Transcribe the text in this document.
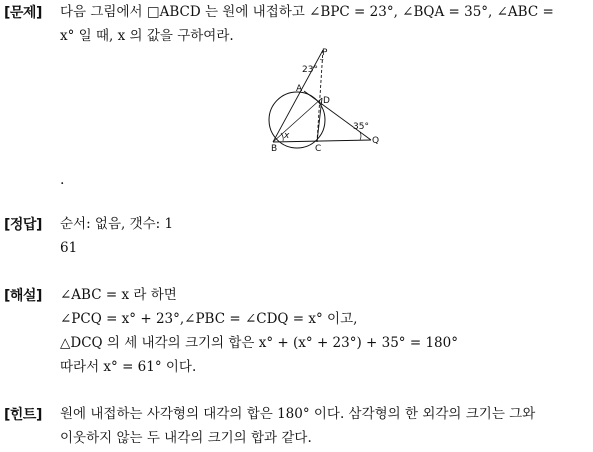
[문제] 다음 그림에서 □ABCD 는 원에 내접하고 ∠BPC = 23°, ∠BQA = 35°, ∠ABC =
x° 일 때, x 의 값을 구하여라.
P
A
D
B	C
Q
23°
35°
x
.
[정답] 순서: 없음, 갯수: 1
61
[해설] ∠ABC = x 라 하면
∠PCQ = x° + 23°,∠PBC = ∠CDQ = x° 이고,
△DCQ 의 세 내각의 크기의 합은 x° + (x° + 23°) + 35° = 180°
따라서 x° = 61° 이다.
[힌트] 원에 내접하는 사각형의 대각의 합은 180° 이다. 삼각형의 한 외각의 크기는 그와
이웃하지 않는 두 내각의 크기의 합과 같다.
